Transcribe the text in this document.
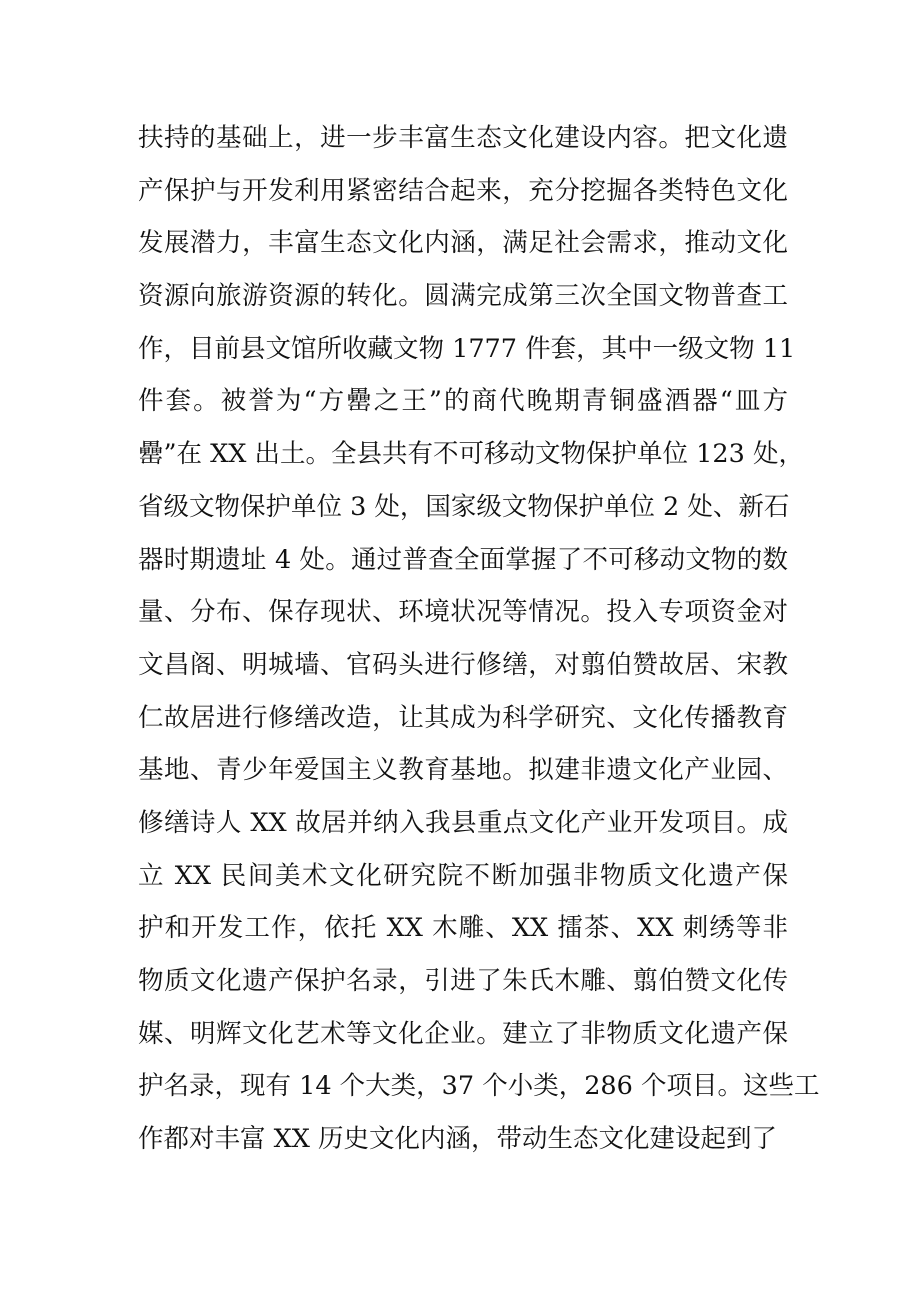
扶持的基础上，进一步丰富生态文化建设内容。把文化遗
产保护与开发利用紧密结合起来，充分挖掘各类特色文化
发展潜力，丰富生态文化内涵，满足社会需求，推动文化
资源向旅游资源的转化。圆满完成第三次全国文物普查工
作，目前县文馆所收藏文物 1777 件套，其中一级文物 11
件套。被誉为“方罍之王”的商代晚期青铜盛酒器“皿方
罍”在 XX 出土。全县共有不可移动文物保护单位 123 处，
省级文物保护单位 3 处，国家级文物保护单位 2 处、新石
器时期遗址 4 处。通过普查全面掌握了不可移动文物的数
量、分布、保存现状、环境状况等情况。投入专项资金对
文昌阁、明城墙、官码头进行修缮，对翦伯赞故居、宋教
仁故居进行修缮改造，让其成为科学研究、文化传播教育
基地、青少年爱国主义教育基地。拟建非遗文化产业园、
修缮诗人 XX 故居并纳入我县重点文化产业开发项目。成
立 XX 民间美术文化研究院不断加强非物质文化遗产保
护和开发工作，依托 XX 木雕、XX 擂茶、XX 刺绣等非
物质文化遗产保护名录，引进了朱氏木雕、翦伯赞文化传
媒、明辉文化艺术等文化企业。建立了非物质文化遗产保
护名录，现有 14 个大类，37 个小类，286 个项目。这些工
作都对丰富 XX 历史文化内涵，带动生态文化建设起到了
